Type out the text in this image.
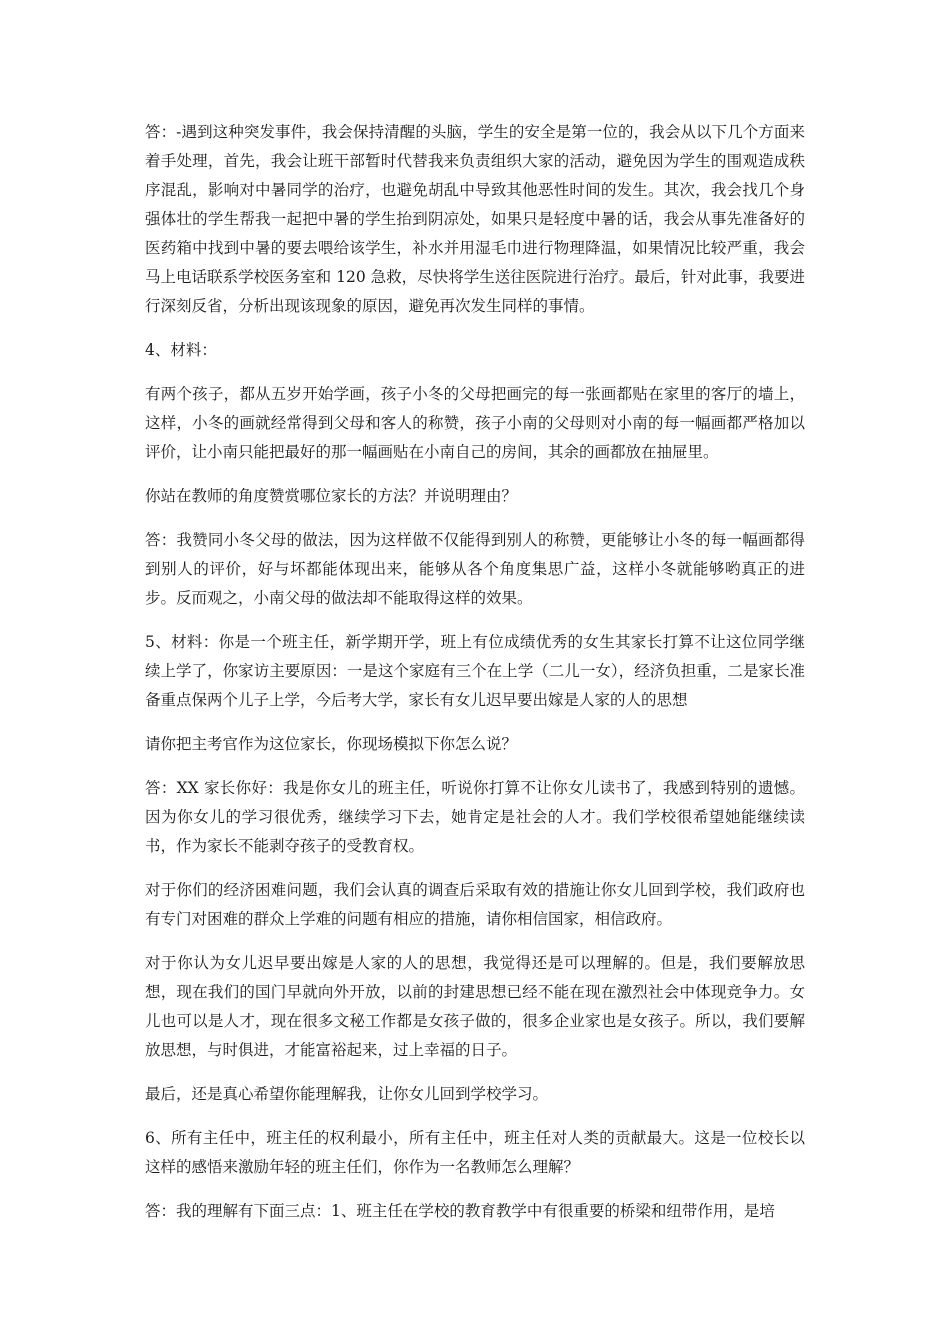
答：-遇到这种突发事件，我会保持清醒的头脑，学生的安全是第一位的，我会从以下几个方面来着手处理，首先，我会让班干部暂时代替我来负责组织大家的活动，避免因为学生的围观造成秩序混乱，影响对中暑同学的治疗，也避免胡乱中导致其他恶性时间的发生。其次，我会找几个身强体壮的学生帮我一起把中暑的学生抬到阴凉处，如果只是轻度中暑的话，我会从事先准备好的医药箱中找到中暑的要去喂给该学生，补水并用湿毛巾进行物理降温，如果情况比较严重，我会马上电话联系学校医务室和 120 急救，尽快将学生送往医院进行治疗。最后，针对此事，我要进行深刻反省，分析出现该现象的原因，避免再次发生同样的事情。

4、材料：

有两个孩子，都从五岁开始学画，孩子小冬的父母把画完的每一张画都贴在家里的客厅的墙上，这样，小冬的画就经常得到父母和客人的称赞，孩子小南的父母则对小南的每一幅画都严格加以评价，让小南只能把最好的那一幅画贴在小南自己的房间，其余的画都放在抽屉里。

你站在教师的角度赞赏哪位家长的方法？并说明理由？

答：我赞同小冬父母的做法，因为这样做不仅能得到别人的称赞，更能够让小冬的每一幅画都得到别人的评价，好与坏都能体现出来，能够从各个角度集思广益，这样小冬就能够哟真正的进步。反而观之，小南父母的做法却不能取得这样的效果。

5、材料：你是一个班主任，新学期开学，班上有位成绩优秀的女生其家长打算不让这位同学继续上学了，你家访主要原因：一是这个家庭有三个在上学（二儿一女），经济负担重，二是家长准备重点保两个儿子上学，今后考大学，家长有女儿迟早要出嫁是人家的人的思想

请你把主考官作为这位家长，你现场模拟下你怎么说？

答：XX 家长你好：我是你女儿的班主任，听说你打算不让你女儿读书了，我感到特别的遗憾。因为你女儿的学习很优秀，继续学习下去，她肯定是社会的人才。我们学校很希望她能继续读书，作为家长不能剥夺孩子的受教育权。

对于你们的经济困难问题，我们会认真的调查后采取有效的措施让你女儿回到学校，我们政府也有专门对困难的群众上学难的问题有相应的措施，请你相信国家，相信政府。

对于你认为女儿迟早要出嫁是人家的人的思想，我觉得还是可以理解的。但是，我们要解放思想，现在我们的国门早就向外开放，以前的封建思想已经不能在现在激烈社会中体现竞争力。女儿也可以是人才，现在很多文秘工作都是女孩子做的，很多企业家也是女孩子。所以，我们要解放思想，与时俱进，才能富裕起来，过上幸福的日子。

最后，还是真心希望你能理解我，让你女儿回到学校学习。

6、所有主任中，班主任的权利最小，所有主任中，班主任对人类的贡献最大。这是一位校长以这样的感悟来激励年轻的班主任们，你作为一名教师怎么理解？

答：我的理解有下面三点：1、班主任在学校的教育教学中有很重要的桥梁和纽带作用，是培
